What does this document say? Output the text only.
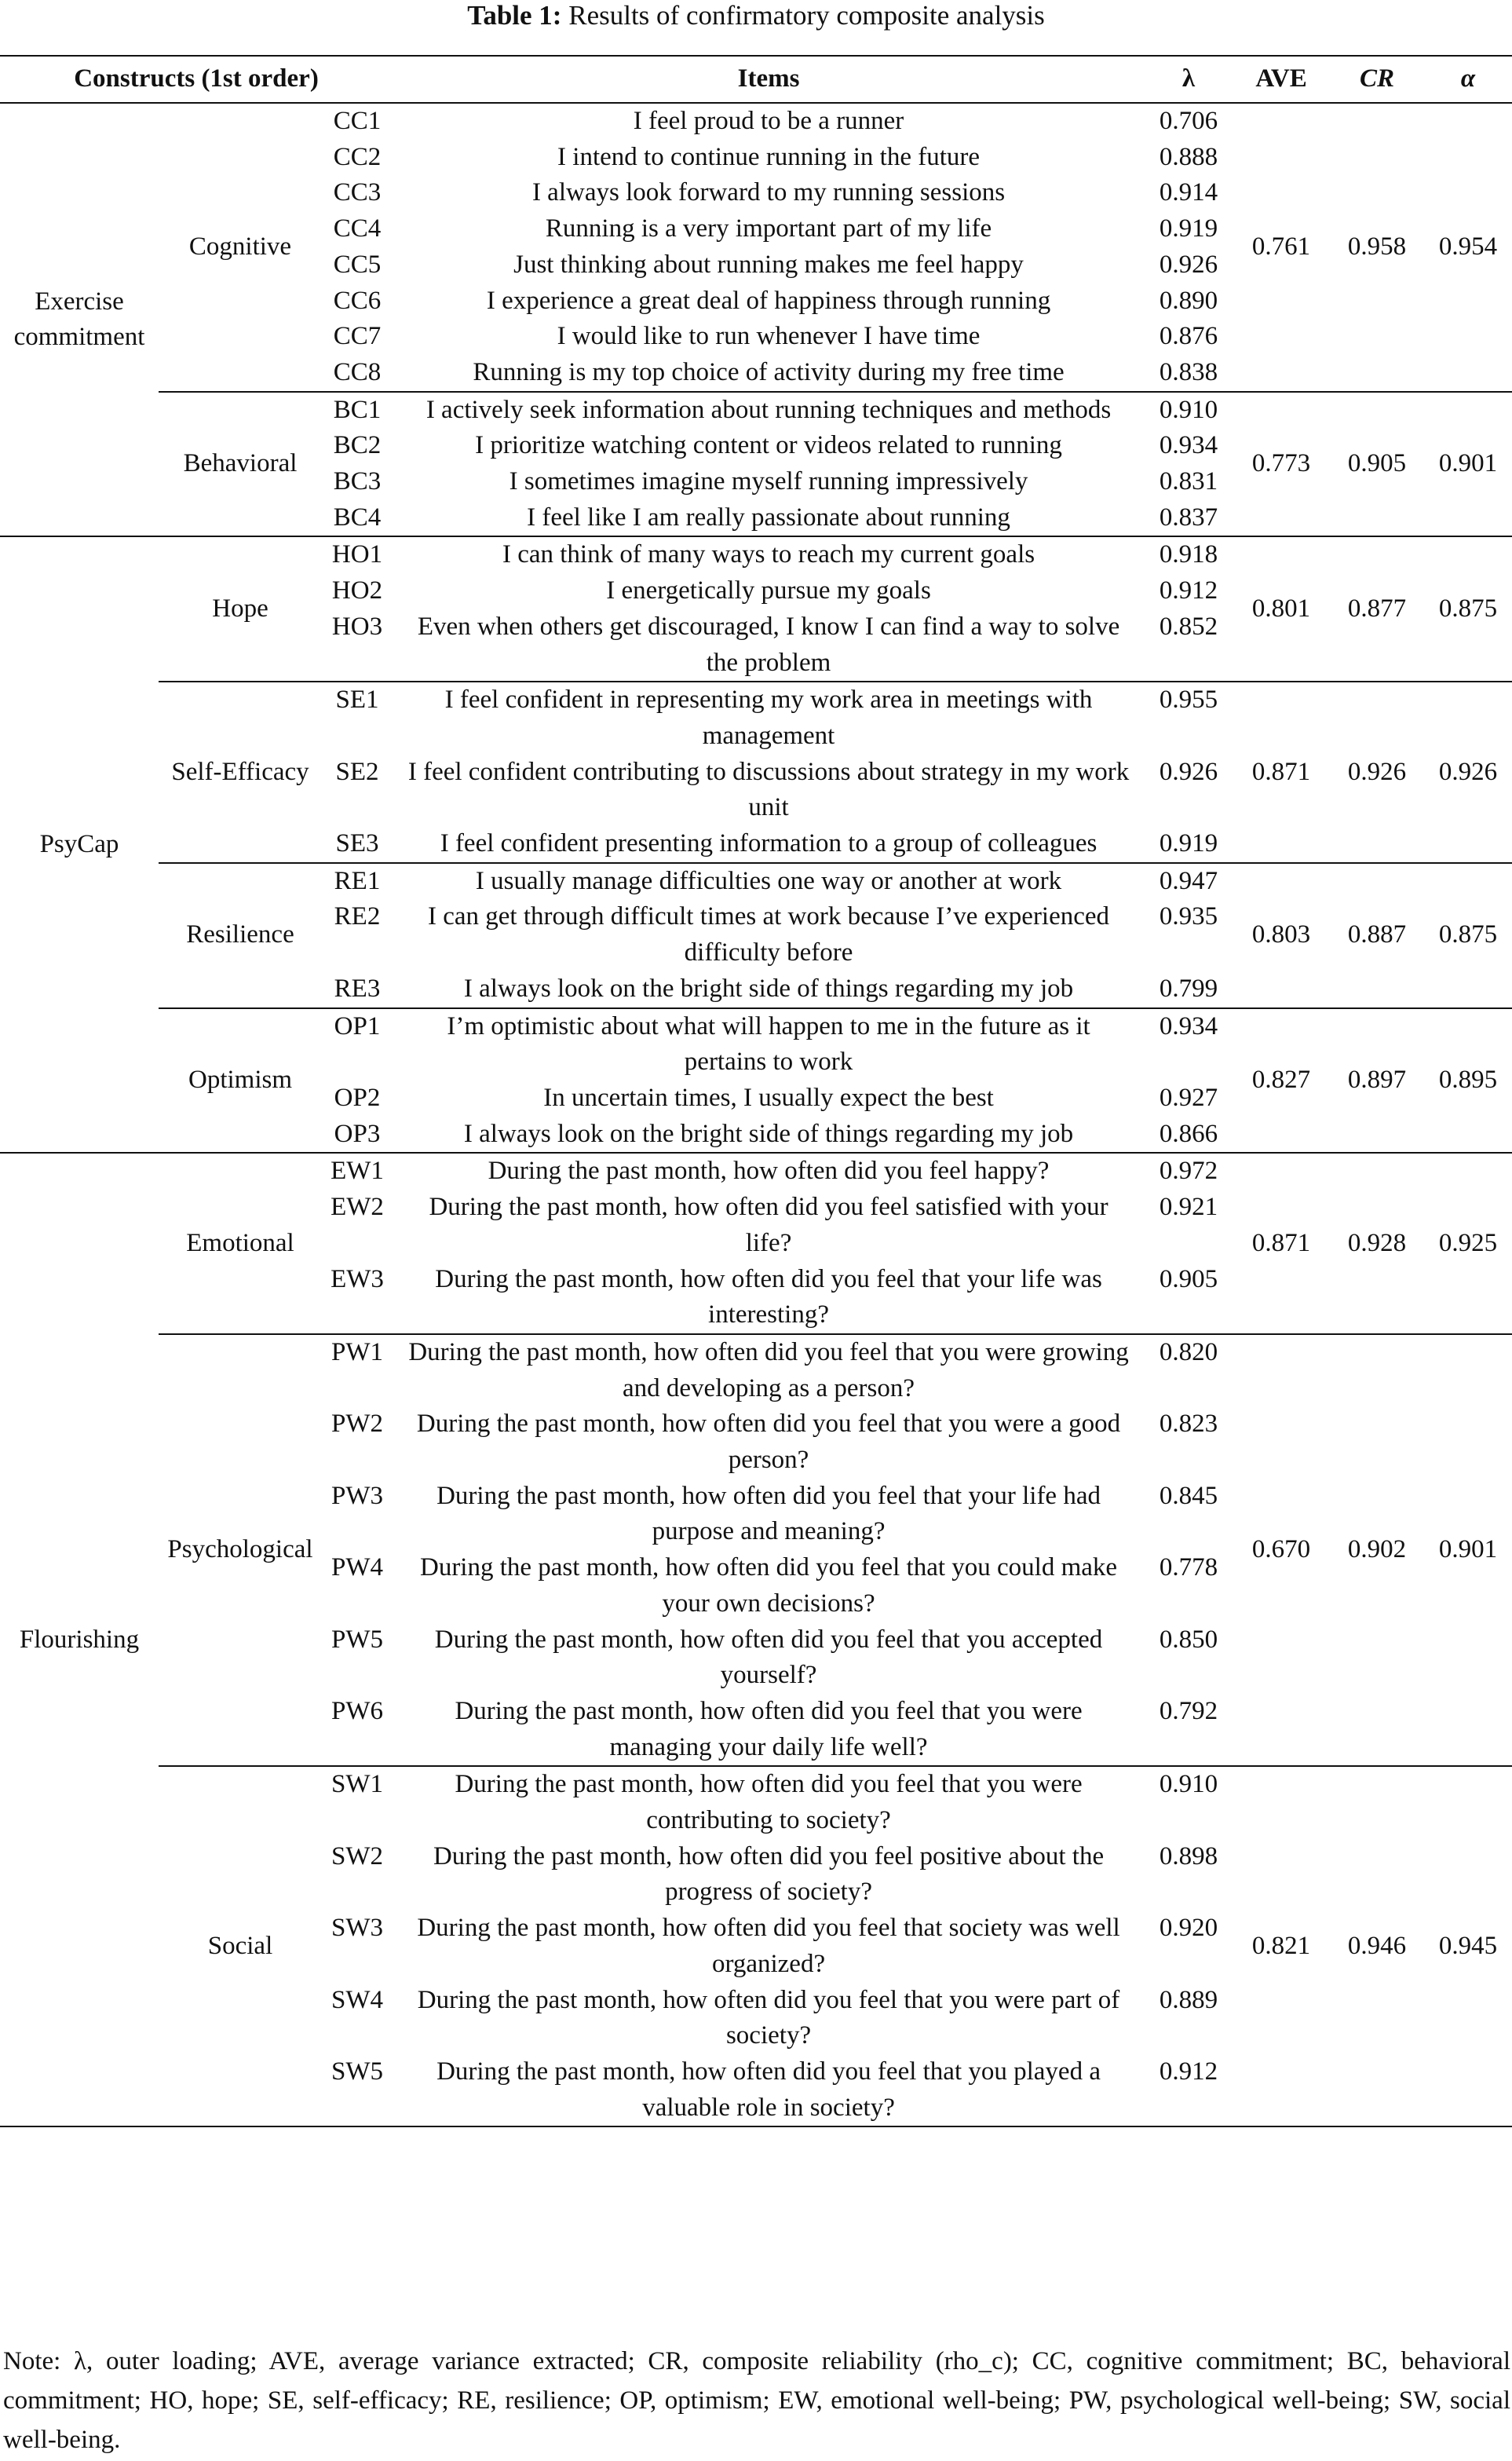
Table 1: Results of confirmatory composite analysis
Constructs (1st order)			Items	λ	AVE	CR	α
Exercise commitment	Cognitive	CC1	I feel proud to be a runner	0.706	0.761	0.958	0.954
		CC2	I intend to continue running in the future	0.888			
		CC3	I always look forward to my running sessions	0.914			
		CC4	Running is a very important part of my life	0.919			
		CC5	Just thinking about running makes me feel happy	0.926			
		CC6	I experience a great deal of happiness through running	0.890			
		CC7	I would like to run whenever I have time	0.876			
		CC8	Running is my top choice of activity during my free time	0.838			
	Behavioral	BC1	I actively seek information about running techniques and methods	0.910	0.773	0.905	0.901
		BC2	I prioritize watching content or videos related to running	0.934			
		BC3	I sometimes imagine myself running impressively	0.831			
		BC4	I feel like I am really passionate about running	0.837			
PsyCap	Hope	HO1	I can think of many ways to reach my current goals	0.918	0.801	0.877	0.875
		HO2	I energetically pursue my goals	0.912			
		HO3	Even when others get discouraged, I know I can find a way to solve the problem	0.852			
	Self-Efficacy	SE1	I feel confident in representing my work area in meetings with management	0.955	0.871	0.926	0.926
		SE2	I feel confident contributing to discussions about strategy in my work unit	0.926			
		SE3	I feel confident presenting information to a group of colleagues	0.919			
	Resilience	RE1	I usually manage difficulties one way or another at work	0.947	0.803	0.887	0.875
		RE2	I can get through difficult times at work because I’ve experienced difficulty before	0.935			
		RE3	I always look on the bright side of things regarding my job	0.799			
	Optimism	OP1	I’m optimistic about what will happen to me in the future as it pertains to work	0.934	0.827	0.897	0.895
		OP2	In uncertain times, I usually expect the best	0.927			
		OP3	I always look on the bright side of things regarding my job	0.866			
Flourishing	Emotional	EW1	During the past month, how often did you feel happy?	0.972	0.871	0.928	0.925
		EW2	During the past month, how often did you feel satisfied with your life?	0.921			
		EW3	During the past month, how often did you feel that your life was interesting?	0.905			
	Psychological	PW1	During the past month, how often did you feel that you were growing and developing as a person?	0.820	0.670	0.902	0.901
		PW2	During the past month, how often did you feel that you were a good person?	0.823			
		PW3	During the past month, how often did you feel that your life had purpose and meaning?	0.845			
		PW4	During the past month, how often did you feel that you could make your own decisions?	0.778			
		PW5	During the past month, how often did you feel that you accepted yourself?	0.850			
		PW6	During the past month, how often did you feel that you were managing your daily life well?	0.792			
	Social	SW1	During the past month, how often did you feel that you were contributing to society?	0.910	0.821	0.946	0.945
		SW2	During the past month, how often did you feel positive about the progress of society?	0.898			
		SW3	During the past month, how often did you feel that society was well organized?	0.920			
		SW4	During the past month, how often did you feel that you were part of society?	0.889			
		SW5	During the past month, how often did you feel that you played a valuable role in society?	0.912			
Note: λ, outer loading; AVE, average variance extracted; CR, composite reliability (rho_c); CC, cognitive commitment; BC, behavioral commitment; HO, hope; SE, self-efficacy; RE, resilience; OP, optimism; EW, emotional well-being; PW, psychological well-being; SW, social well-being.
